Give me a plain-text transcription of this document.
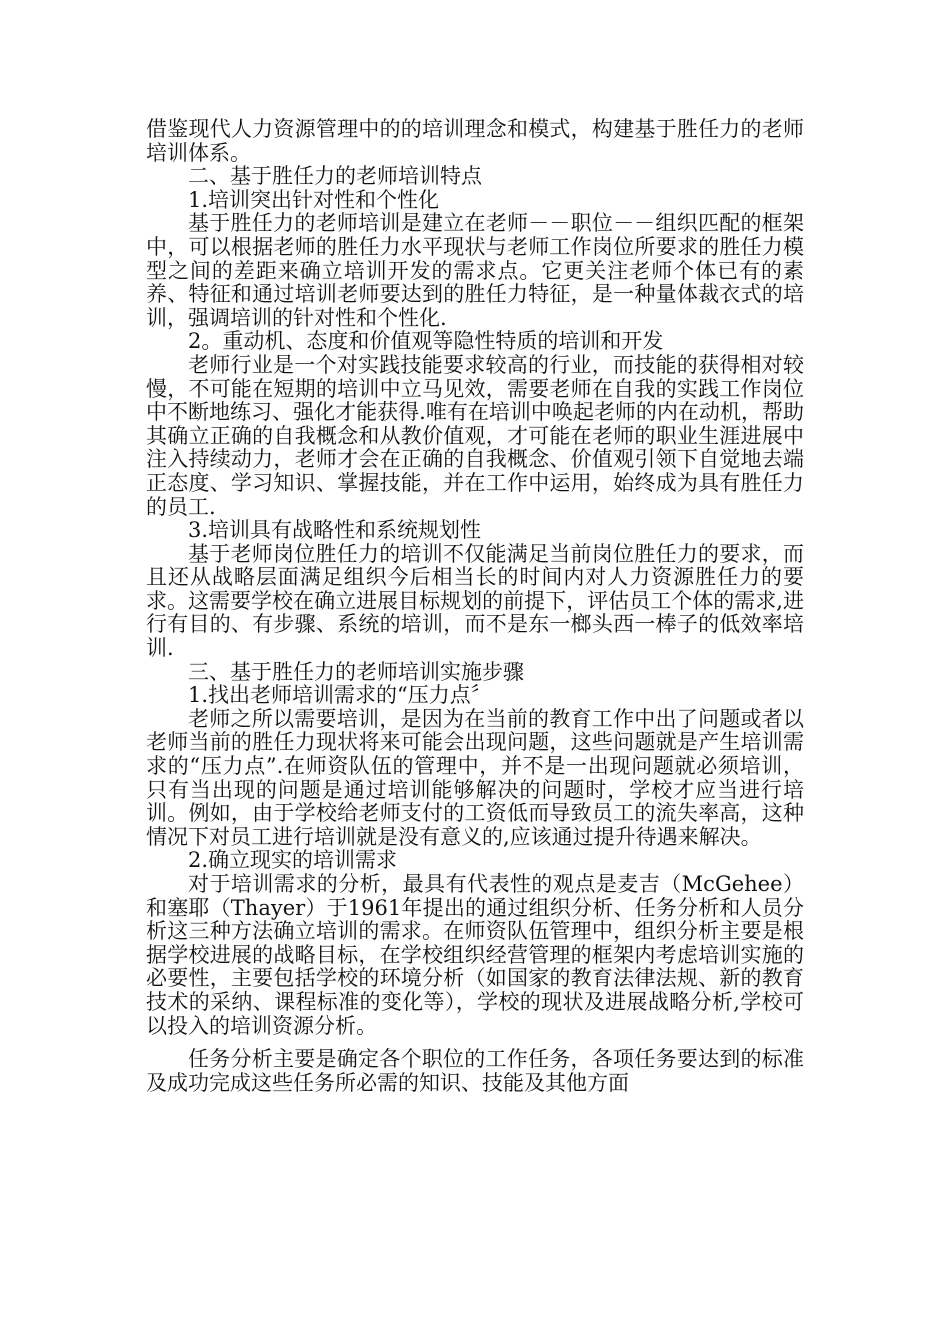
借鉴现代人力资源管理中的的培训理念和模式，构建基于胜任力的老师培训体系。

二、基于胜任力的老师培训特点

1.培训突出针对性和个性化

基于胜任力的老师培训是建立在老师－－职位－－组织匹配的框架中，可以根据老师的胜任力水平现状与老师工作岗位所要求的胜任力模型之间的差距来确立培训开发的需求点。它更关注老师个体已有的素养、特征和通过培训老师要达到的胜任力特征，是一种量体裁衣式的培训，强调培训的针对性和个性化.

2。重动机、态度和价值观等隐性特质的培训和开发

老师行业是一个对实践技能要求较高的行业，而技能的获得相对较慢，不可能在短期的培训中立马见效，需要老师在自我的实践工作岗位中不断地练习、强化才能获得.唯有在培训中唤起老师的内在动机，帮助其确立正确的自我概念和从教价值观，才可能在老师的职业生涯进展中注入持续动力，老师才会在正确的自我概念、价值观引领下自觉地去端正态度、学习知识、掌握技能，并在工作中运用，始终成为具有胜任力的员工.

3.培训具有战略性和系统规划性

基于老师岗位胜任力的培训不仅能满足当前岗位胜任力的要求，而且还从战略层面满足组织今后相当长的时间内对人力资源胜任力的要求。这需要学校在确立进展目标规划的前提下，评估员工个体的需求,进行有目的、有步骤、系统的培训，而不是东一榔头西一棒子的低效率培训.

三、基于胜任力的老师培训实施步骤

1.找出老师培训需求的“压力点〞

老师之所以需要培训，是因为在当前的教育工作中出了问题或者以老师当前的胜任力现状将来可能会出现问题，这些问题就是产生培训需求的“压力点”.在师资队伍的管理中，并不是一出现问题就必须培训，只有当出现的问题是通过培训能够解决的问题时，学校才应当进行培训。例如，由于学校给老师支付的工资低而导致员工的流失率高，这种情况下对员工进行培训就是没有意义的,应该通过提升待遇来解决。

2.确立现实的培训需求

对于培训需求的分析，最具有代表性的观点是麦吉（McGehee）和塞耶（Thayer）于1961年提出的通过组织分析、任务分析和人员分析这三种方法确立培训的需求。在师资队伍管理中，组织分析主要是根据学校进展的战略目标，在学校组织经营管理的框架内考虑培训实施的必要性，主要包括学校的环境分析（如国家的教育法律法规、新的教育技术的采纳、课程标准的变化等），学校的现状及进展战略分析,学校可以投入的培训资源分析。

任务分析主要是确定各个职位的工作任务，各项任务要达到的标准及成功完成这些任务所必需的知识、技能及其他方面
